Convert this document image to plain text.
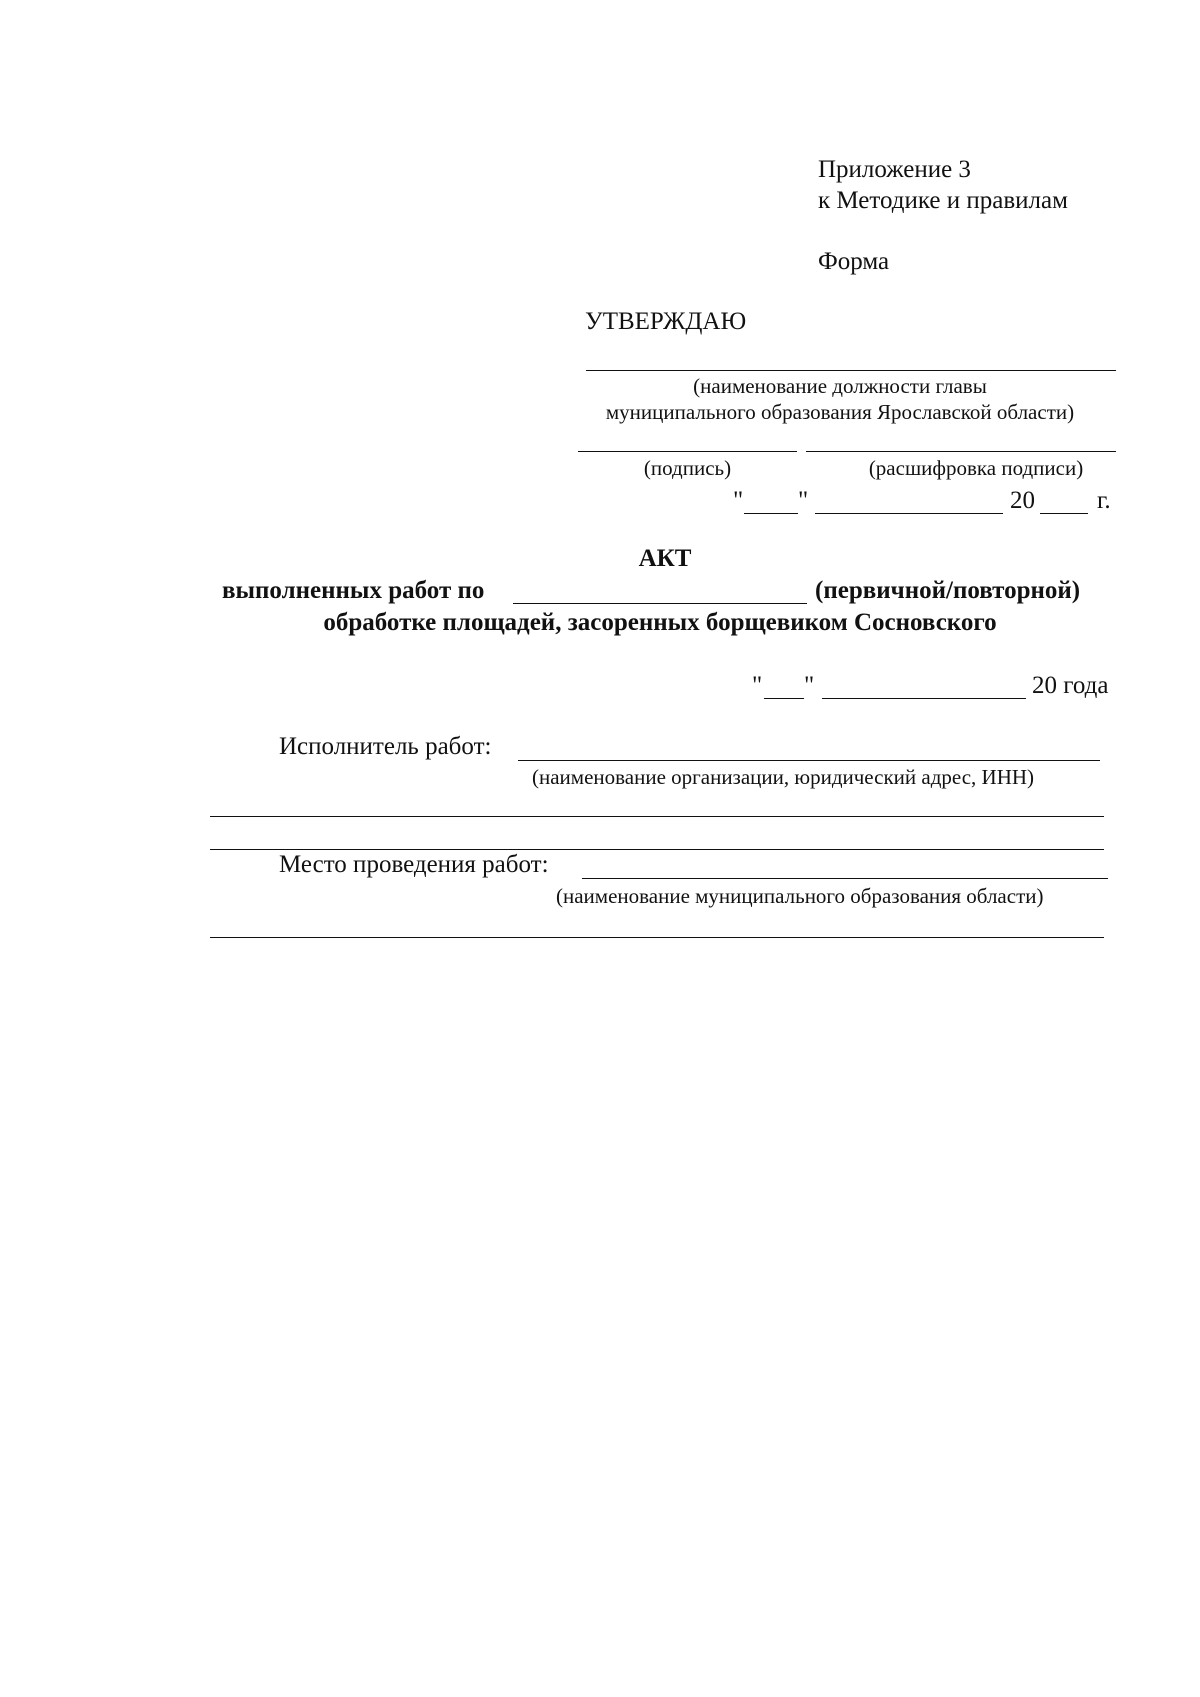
Приложение 3
к Методике и правилам
Форма
УТВЕРЖДАЮ
(наименование должности главы
муниципального образования Ярославской области)
(подпись)	(расшифровка подписи)
" "	20 г.
АКТ
выполненных работ по	(первичной/повторной)
обработке площадей, засоренных борщевиком Сосновского
" "	20 года
Исполнитель работ:
(наименование организации, юридический адрес, ИНН)
Место проведения работ:
(наименование муниципального образования области)
